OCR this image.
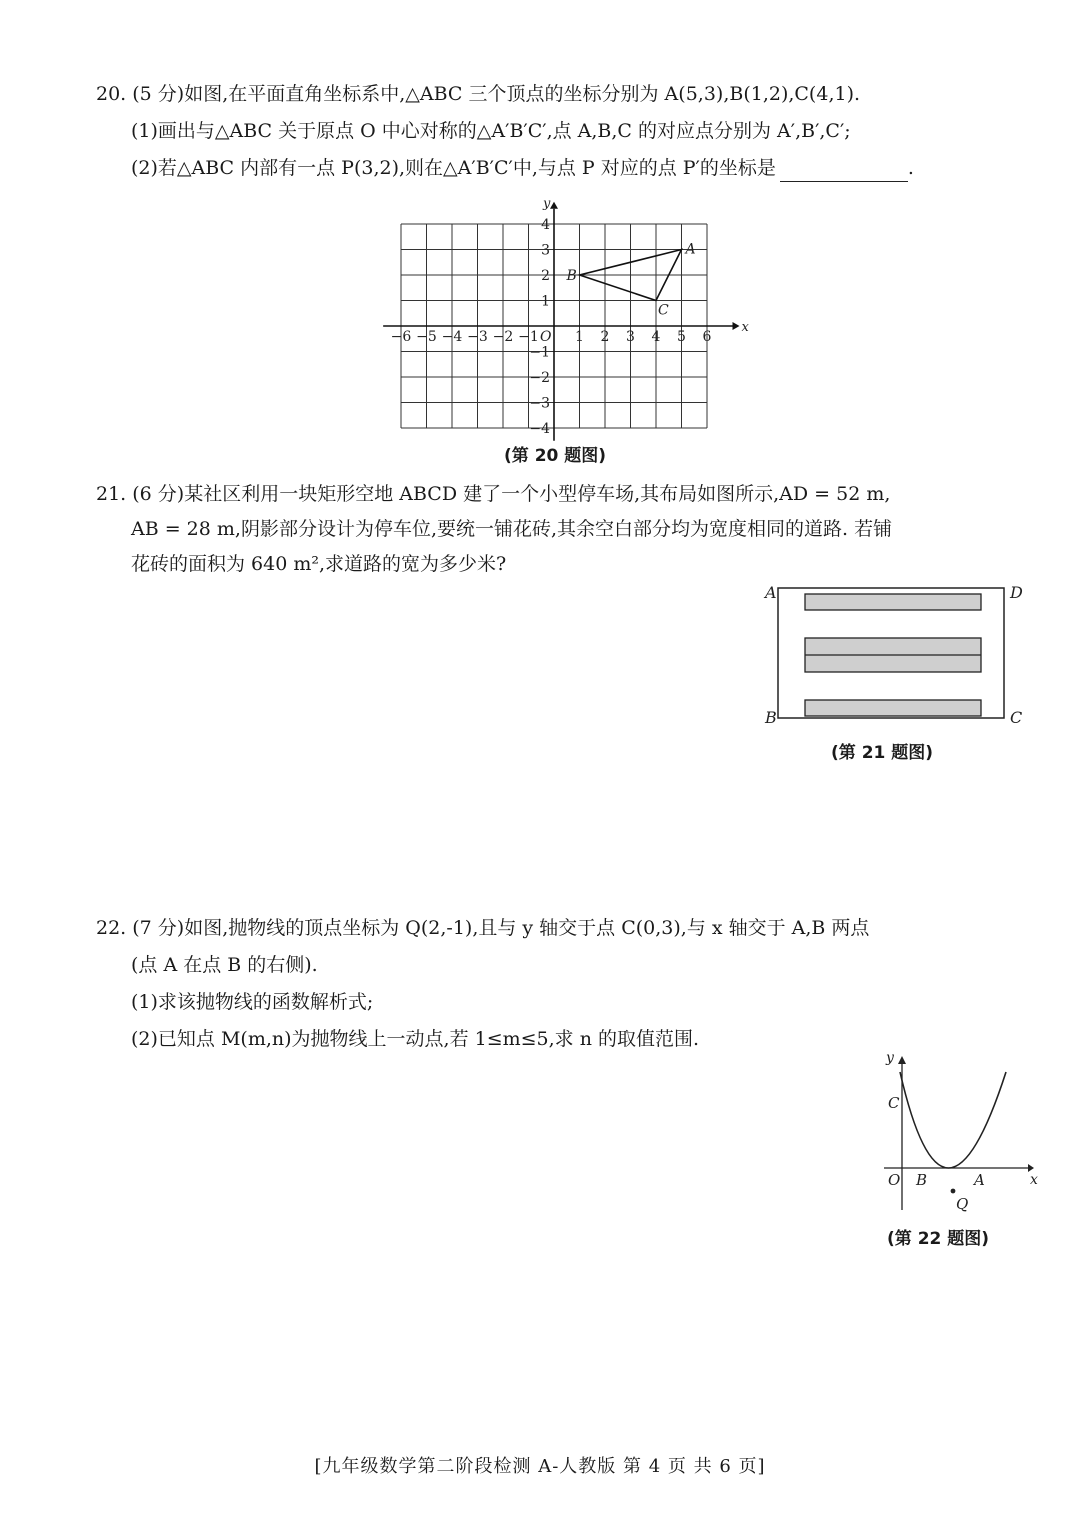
20. (5 分)如图,在平面直角坐标系中,△ABC 三个顶点的坐标分别为 A(5,3),B(1,2),C(4,1).
(1)画出与△ABC 关于原点 O 中心对称的△A′B′C′,点 A,B,C 的对应点分别为 A′,B′,C′;
(2)若△ABC 内部有一点 P(3,2),则在△A′B′C′中,与点 P 对应的点 P′的坐标是	.
x
y
O
−6 −5 −4 −3 −2 −1	1 2 3 4 5 6
4
3
2
1
−1
−2
−3
−4
A
B
C
(第 20 题图)
21. (6 分)某社区利用一块矩形空地 ABCD 建了一个小型停车场,其布局如图所示,AD = 52 m,
AB = 28 m,阴影部分设计为停车位,要统一铺花砖,其余空白部分均为宽度相同的道路. 若铺
花砖的面积为 640 m²,求道路的宽为多少米?
A	D
B	C
(第 21 题图)
22. (7 分)如图,抛物线的顶点坐标为 Q(2,-1),且与 y 轴交于点 C(0,3),与 x 轴交于 A,B 两点
(点 A 在点 B 的右侧).
(1)求该抛物线的函数解析式;
(2)已知点 M(m,n)为抛物线上一动点,若 1≤m≤5,求 n 的取值范围.
y
x
C
O B	A
Q
(第 22 题图)
[九年级数学第二阶段检测 A-人教版 第 4 页 共 6 页]
